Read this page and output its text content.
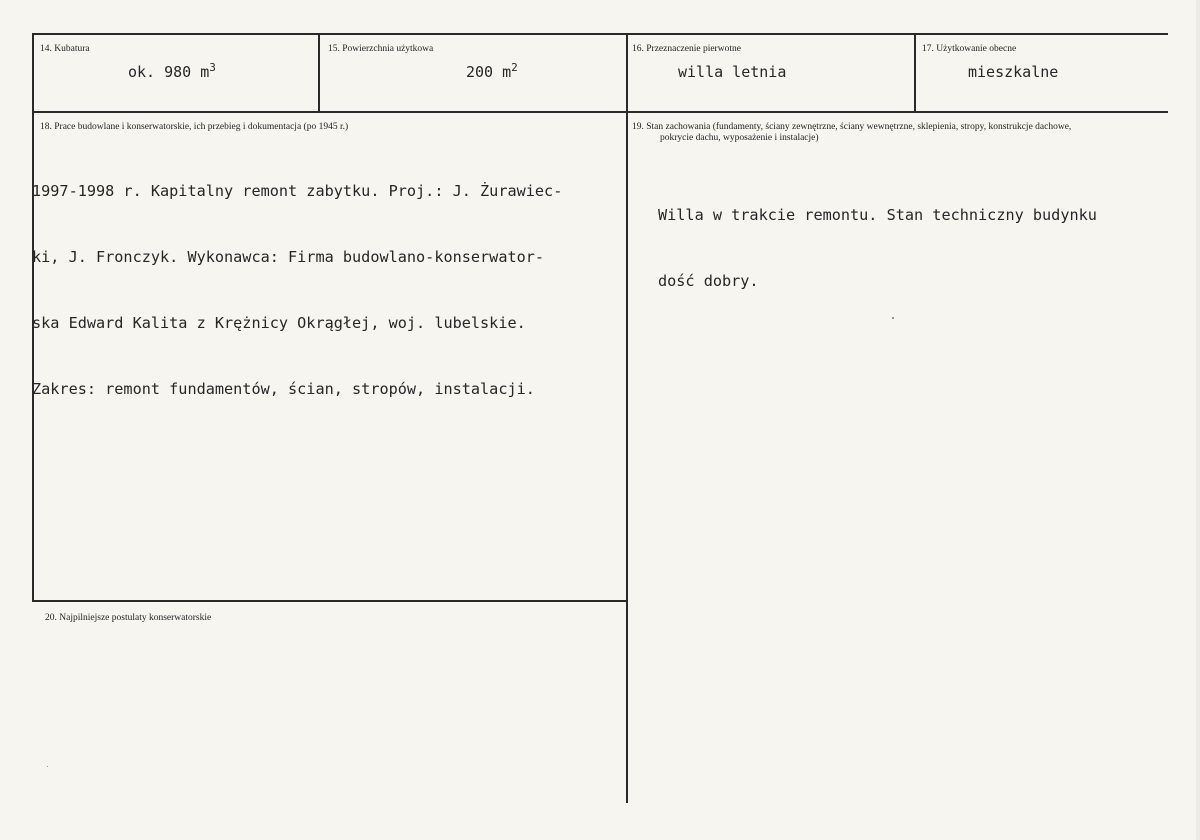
14. Kubatura
ok. 980 $m^3$
15. Powierzchnia użytkowa
200 $m^2$
16. Przeznaczenie pierwotne
willa letnia
17. Użytkowanie obecne
mieszkalne
18. Prace budowlane i konserwatorskie, ich przebieg i dokumentacja (po 1945 r.)

1997-1998 r. Kapitalny remont zabytku. Proj.: J. Żurawiec-

ki, J. Fronczyk. Wykonawca: Firma budowlano-konserwator-

ska Edward Kalita z Krężnicy Okrągłej, woj. lubelskie.

Zakres: remont fundamentów, ścian, stropów, instalacji.

19. Stan zachowania (fundamenty, ściany zewnętrzne, ściany wewnętrzne, sklepienia, stropy, konstrukcje dachowe,
pokrycie dachu, wyposażenie i instalacje)

Willa w trakcie remontu. Stan techniczny budynku

dość dobry.

20. Najpilniejsze postulaty konserwatorskie
